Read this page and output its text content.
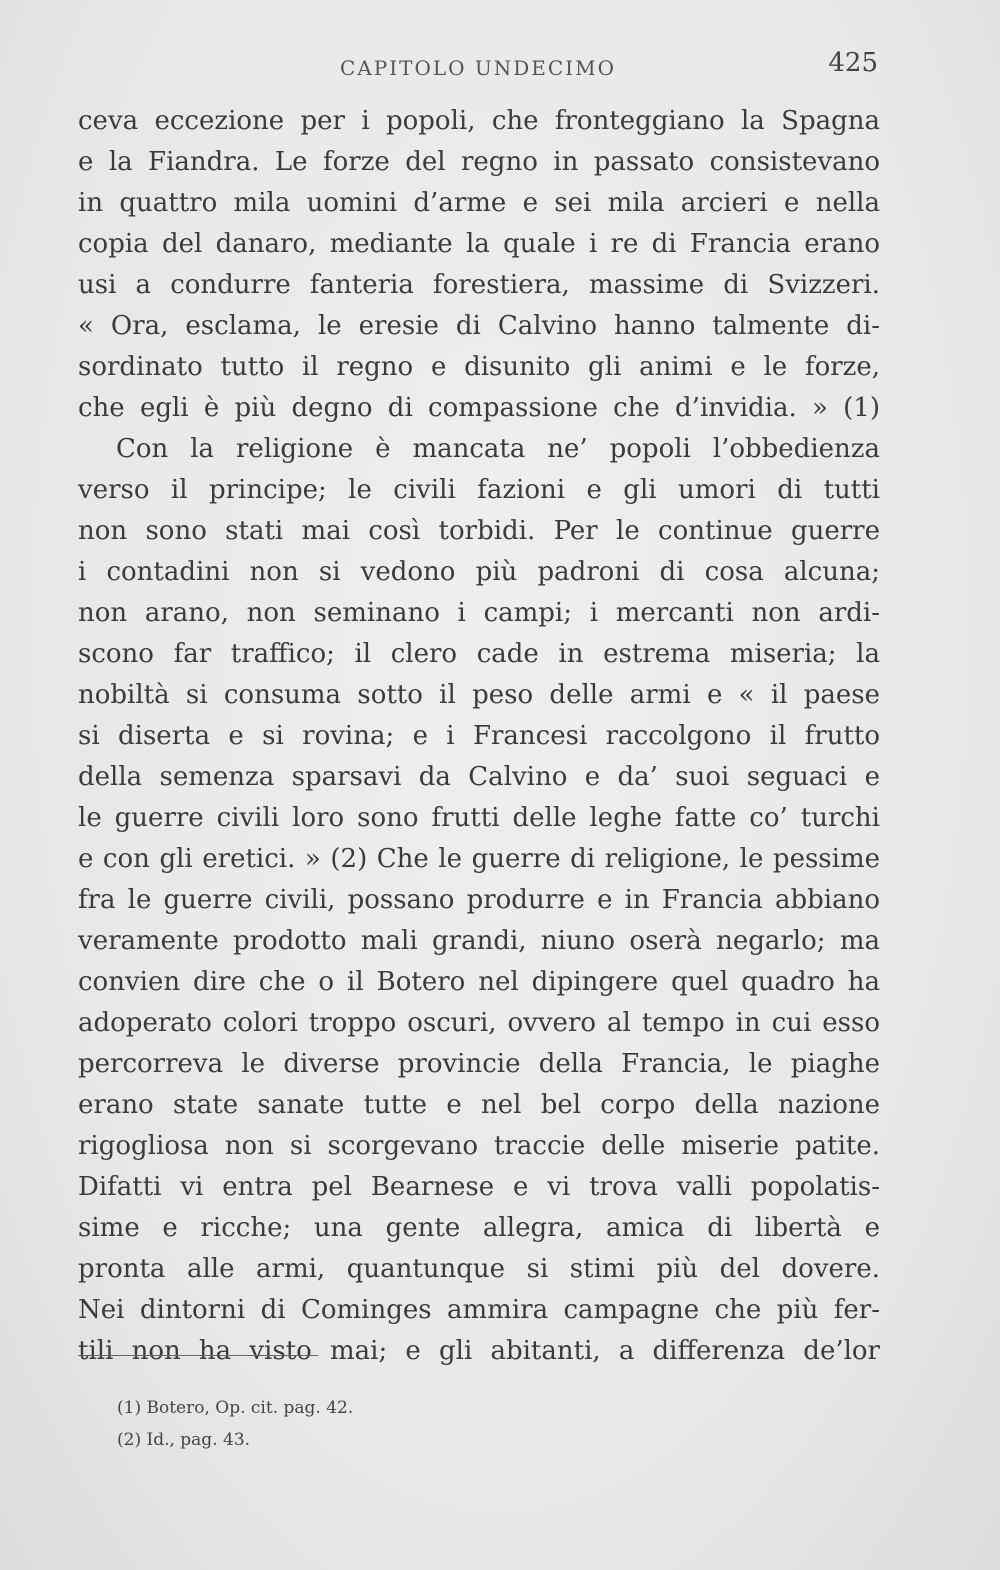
CAPITOLO UNDECIMO	425
ceva eccezione per i popoli, che fronteggiano la Spagna
e la Fiandra. Le forze del regno in passato consistevano
in quattro mila uomini d’arme e sei mila arcieri e nella
copia del danaro, mediante la quale i re di Francia erano
usi a condurre fanteria forestiera, massime di Svizzeri.
« Ora, esclama, le eresie di Calvino hanno talmente di-
sordinato tutto il regno e disunito gli animi e le forze,
che egli è più degno di compassione che d’invidia. » (1)
Con la religione è mancata ne’ popoli l’obbedienza
verso il principe; le civili fazioni e gli umori di tutti
non sono stati mai così torbidi. Per le continue guerre
i contadini non si vedono più padroni di cosa alcuna;
non arano, non seminano i campi; i mercanti non ardi-
scono far traffico; il clero cade in estrema miseria; la
nobiltà si consuma sotto il peso delle armi e « il paese
si diserta e si rovina; e i Francesi raccolgono il frutto
della semenza sparsavi da Calvino e da’ suoi seguaci e
le guerre civili loro sono frutti delle leghe fatte co’ turchi
e con gli eretici. » (2) Che le guerre di religione, le pessime
fra le guerre civili, possano produrre e in Francia abbiano
veramente prodotto mali grandi, niuno oserà negarlo; ma
convien dire che o il Botero nel dipingere quel quadro ha
adoperato colori troppo oscuri, ovvero al tempo in cui esso
percorreva le diverse provincie della Francia, le piaghe
erano state sanate tutte e nel bel corpo della nazione
rigogliosa non si scorgevano traccie delle miserie patite.
Difatti vi entra pel Bearnese e vi trova valli popolatis-
sime e ricche; una gente allegra, amica di libertà e
pronta alle armi, quantunque si stimi più del dovere.
Nei dintorni di Cominges ammira campagne che più fer-
tili non ha visto mai; e gli abitanti, a differenza de’lor
(1) Botero, Op. cit. pag. 42.
(2) Id., pag. 43.
